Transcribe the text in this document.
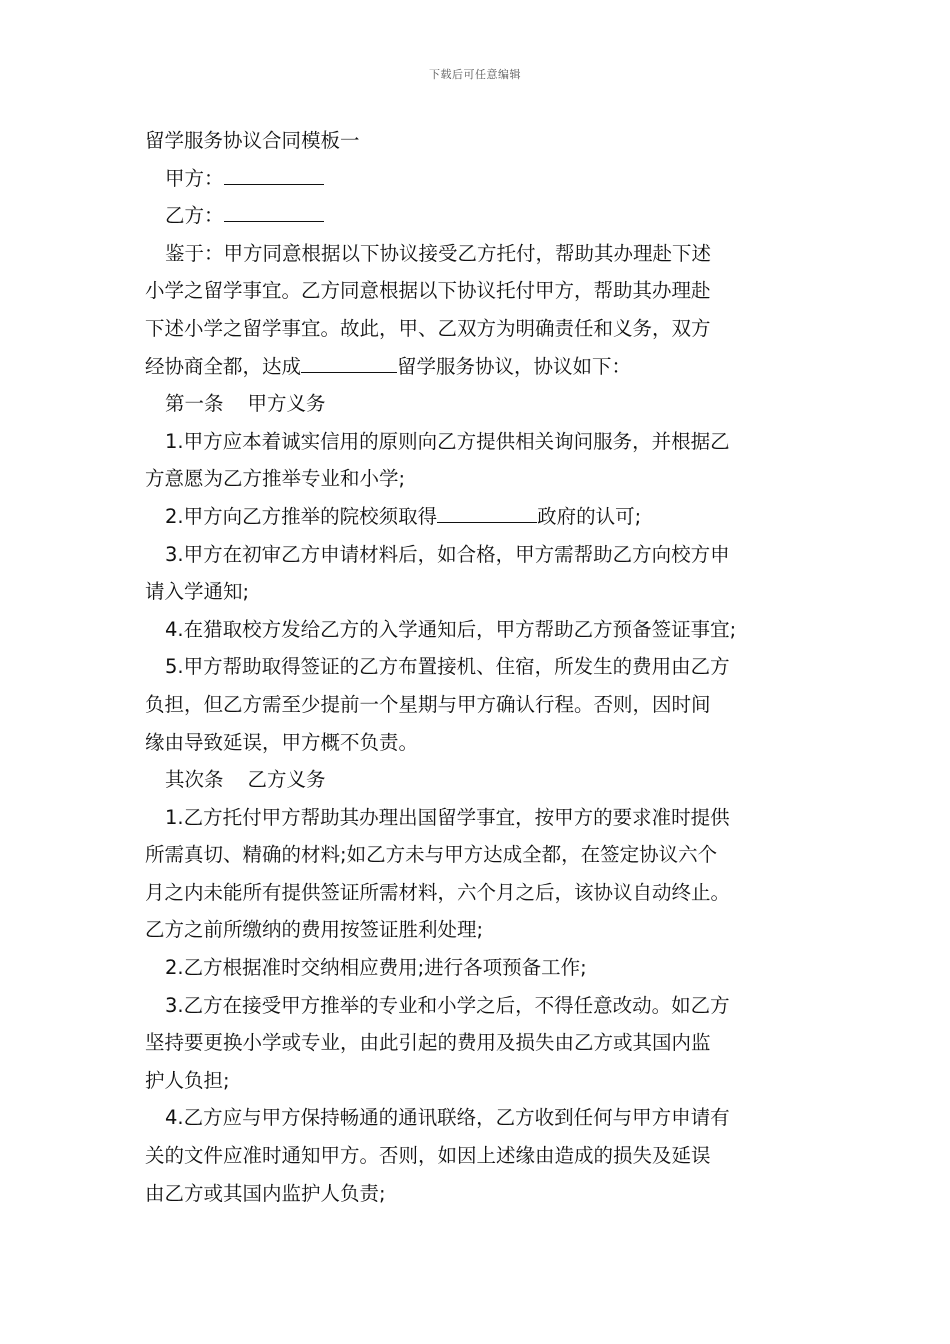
下载后可任意编辑
留学服务协议合同模板一
甲方：
乙方：
鉴于：甲方同意根据以下协议接受乙方托付，帮助其办理赴下述
小学之留学事宜。乙方同意根据以下协议托付甲方，帮助其办理赴
下述小学之留学事宜。故此，甲、乙双方为明确责任和义务，双方
经协商全都，达成	留学服务协议，协议如下：
第一条 甲方义务
1.甲方应本着诚实信用的原则向乙方提供相关询问服务，并根据乙
方意愿为乙方推举专业和小学;
2.甲方向乙方推举的院校须取得	政府的认可;
3.甲方在初审乙方申请材料后，如合格，甲方需帮助乙方向校方申
请入学通知;
4.在猎取校方发给乙方的入学通知后，甲方帮助乙方预备签证事宜;
5.甲方帮助取得签证的乙方布置接机、住宿，所发生的费用由乙方
负担，但乙方需至少提前一个星期与甲方确认行程。否则，因时间
缘由导致延误，甲方概不负责。
其次条 乙方义务
1.乙方托付甲方帮助其办理出国留学事宜，按甲方的要求准时提供
所需真切、精确的材料;如乙方未与甲方达成全都，在签定协议六个
月之内未能所有提供签证所需材料，六个月之后，该协议自动终止。
乙方之前所缴纳的费用按签证胜利处理;
2.乙方根据准时交纳相应费用;进行各项预备工作;
3.乙方在接受甲方推举的专业和小学之后，不得任意改动。如乙方
坚持要更换小学或专业，由此引起的费用及损失由乙方或其国内监
护人负担;
4.乙方应与甲方保持畅通的通讯联络，乙方收到任何与甲方申请有
关的文件应准时通知甲方。否则，如因上述缘由造成的损失及延误
由乙方或其国内监护人负责;
